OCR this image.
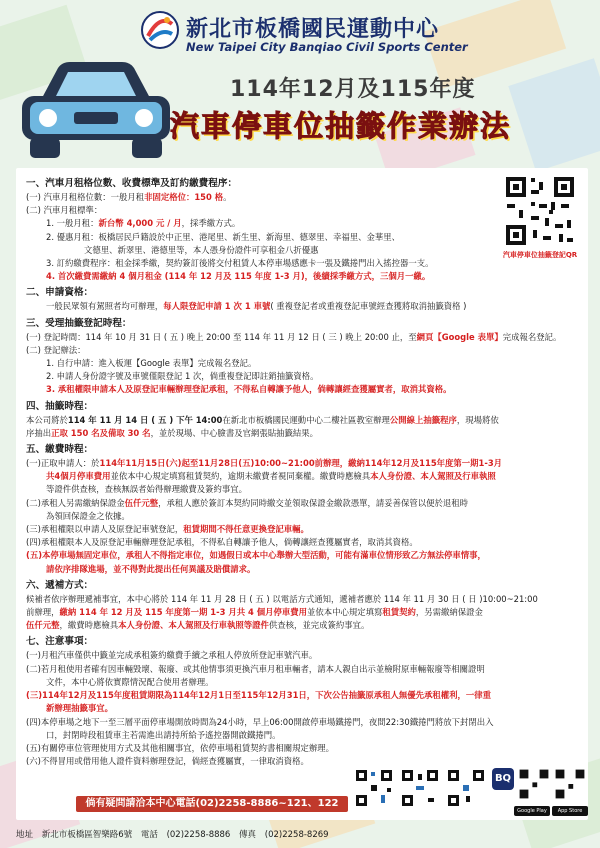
新北市板橋國民運動中心
New Taipei City Banqiao Civil Sports Center
114年12月及115年度
汽車停車位抽籤作業辦法
汽車停車位抽籤登記QR
一、汽車月租格位數、收費標準及訂約繳費程序：
(一) 汽車月租格位數：一般月租非固定格位：150 格。
(二) 汽車月租標準：
1. 一般月租：新台幣 4,000 元 / 月，採季繳方式。
2. 優惠月租：板橋居民戶籍設於中正里、港尾里、新生里、新海里、德翠里、幸福里、金華里、
文德里、新翠里、港德里等，本人憑身份證件可享租金八折優惠
3. 訂約繳費程序：租金採季繳，契約簽訂後將交付租賃人本停車場感應卡一張及鐵捲門出入搖控器一支。
4. 首次繳費需繳納 4 個月租金 (114 年 12 月及 115 年度 1-3 月)，後續採季繳方式，三個月一繳。
二、申請資格：
一般民眾領有駕照者均可辦理，每人限登記申請 1 次 1 車號( 重複登記者或重複登記車號經查獲將取消抽籤資格 )
三、受理抽籤登記時程：
(一) 登記時間：114 年 10 月 31 日 ( 五 ) 晚上 20:00 至 114 年 11 月 12 日 ( 三 ) 晚上 20:00 止，至網頁【Google 表單】完成報名登記。
(二) 登記辦法：
1. 自行申請：進入板運【Google 表單】完成報名登記。
2. 申請人身份證字號及車號僅限登記 1 次，倘重複登記即註銷抽籤資格。
3. 承租權限申請本人及原登記車輛辦理登記承租，不得私自轉讓予他人，倘轉讓經查獲屬實者，取消其資格。
四、抽籤時程：
本公司將於114 年 11 月 14 日 ( 五 ) 下午 14:00在新北市板橋國民運動中心二樓社區教室辦理公開線上抽籤程序，現場將依
序抽出正取 150 名及備取 30 名，並於現場、中心臉書及官網張貼抽籤結果。
五、繳費時程：
(一)正取申請人：於114年11月15日(六)起至11月28日(五)10:00~21:00前辦理，繳納114年12月及115年度第一期1-3月
共4個月停車費用並依本中心規定填寫租賃契約，逾期未繳費者視同棄權。繳費時應檢具本人身份證、本人駕照及行車執照
等證件供查核，查核無誤者始得辦理繳費及簽約事宜。
(二)承租人另需繳納保證金伍仟元整，承租人應於簽訂本契約同時繳交並領取保證金繳款憑單，請妥善保管以便於退租時
為領回保證金之依據。
(三)承租權限以申請人及原登記車號登記，租賃期間不得任意更換登記車輛。
(四)承租權限本人及原登記車輛辦理登記承租，不得私自轉讓予他人，倘轉讓經查獲屬實者，取消其資格。
(五)本停車場無固定車位，承租人不得指定車位，如遇假日或本中心舉辦大型活動，可能有滿車位情形致乙方無法停車情事，
請依序排隊進場，並不得對此提出任何異議及賠償請求。
六、遞補方式：
候補者依序辦理遞補事宜，本中心將於 114 年 11 月 28 日 ( 五 ) 以電話方式通知，遞補者應於 114 年 11 月 30 日 ( 日 )10:00~21:00
前辦理，繳納 114 年 12 月及 115 年度第一期 1-3 月共 4 個月停車費用並依本中心規定填寫租賃契約，另需繳納保證金
伍仟元整，繳費時應檢具本人身份證、本人駕照及行車執照等證件供查核，並完成簽約事宜。
七、注意事項：
(一)月租汽車僅供中籤並完成承租簽約繳費手續之承租人停放所登記車號汽車。
(二)若月租使用者確有因車輛毀壞、報廢、或其他情事須更換汽車月租車輛者，請本人親自出示並檢附原車輛報廢等相關證明
文件，本中心將依實際情況配合使用者辦理。
(三)114年12月及115年度租賃期限為114年12月1日至115年12月31日，下次公告抽籤原承租人無優先承租權利，一律重
新辦理抽籤事宜。
(四)本停車場之地下一至三層平面停車場開放時間為24小時，早上06:00開啟停車場鐵捲門，夜間22:30鐵捲門將放下封閉出入
口，封閉時段租賃車主若需進出請持所給予遙控器開啟鐵捲門。
(五)有關停車位管理使用方式及其他相關事宜，依停車場租賃契約書相關規定辦理。
(六)不得冒用或借用他人證件資料辦理登記，倘經查獲屬實，一律取消資格。
倘有疑問請洽本中心電話(02)2258-8886~121、122
BQ
Google Play	App Store
地址 新北市板橋區智樂路6號 電話 (02)2258-8886 傳真 (02)2258-8269
